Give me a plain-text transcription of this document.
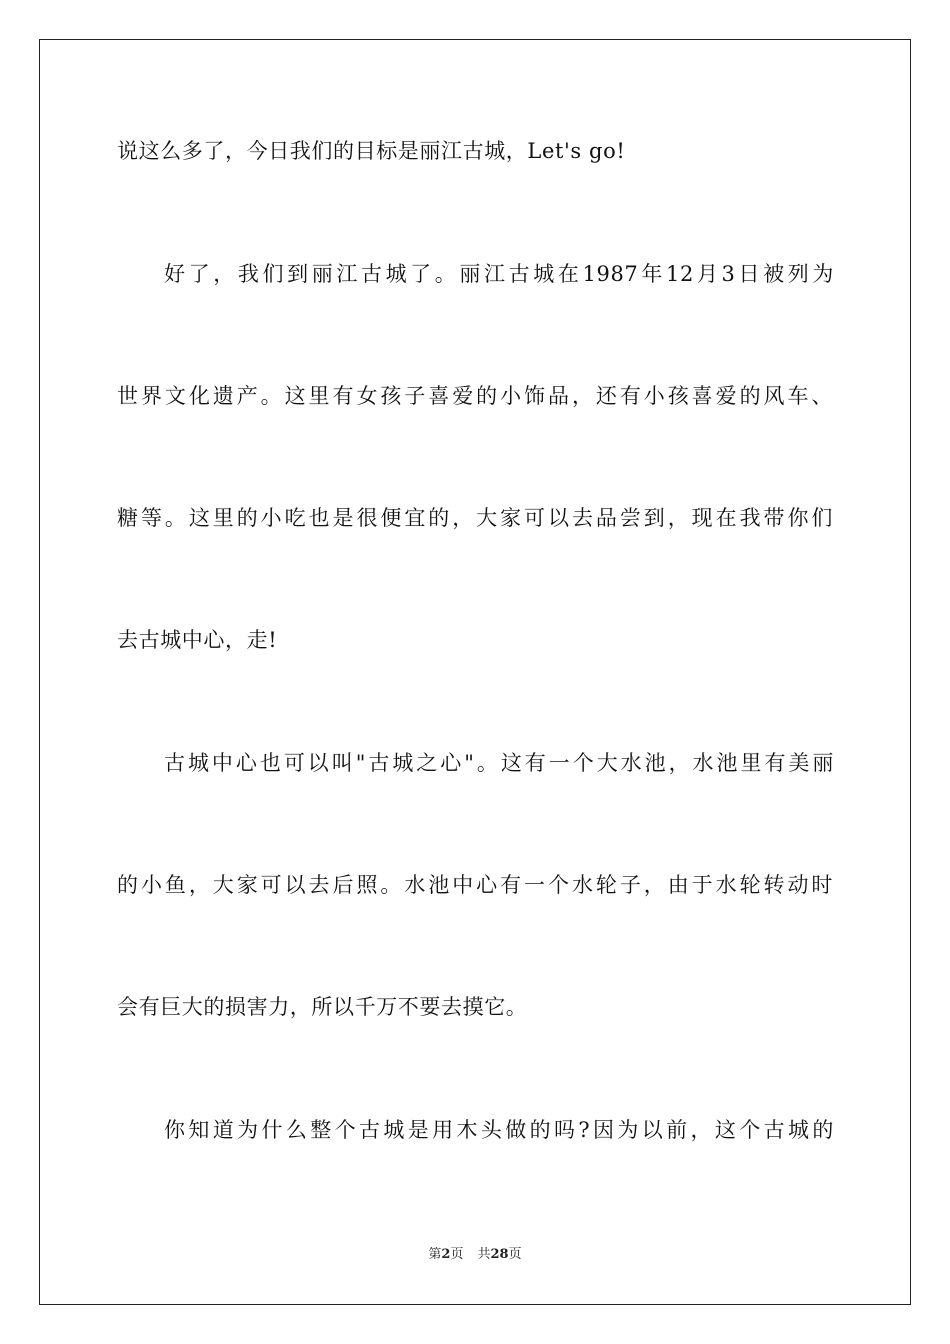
说这么多了，今日我们的目标是丽江古城，Let's go!
好了，我们到丽江古城了。丽江古城在1987年12月3日被列为
世界文化遗产。这里有女孩子喜爱的小饰品，还有小孩喜爱的风车、
糖等。这里的小吃也是很便宜的，大家可以去品尝到，现在我带你们
去古城中心，走!
古城中心也可以叫"古城之心"。这有一个大水池，水池里有美丽
的小鱼，大家可以去后照。水池中心有一个水轮子，由于水轮转动时
会有巨大的损害力，所以千万不要去摸它。
你知道为什么整个古城是用木头做的吗?因为以前，这个古城的
第2页 共28页
